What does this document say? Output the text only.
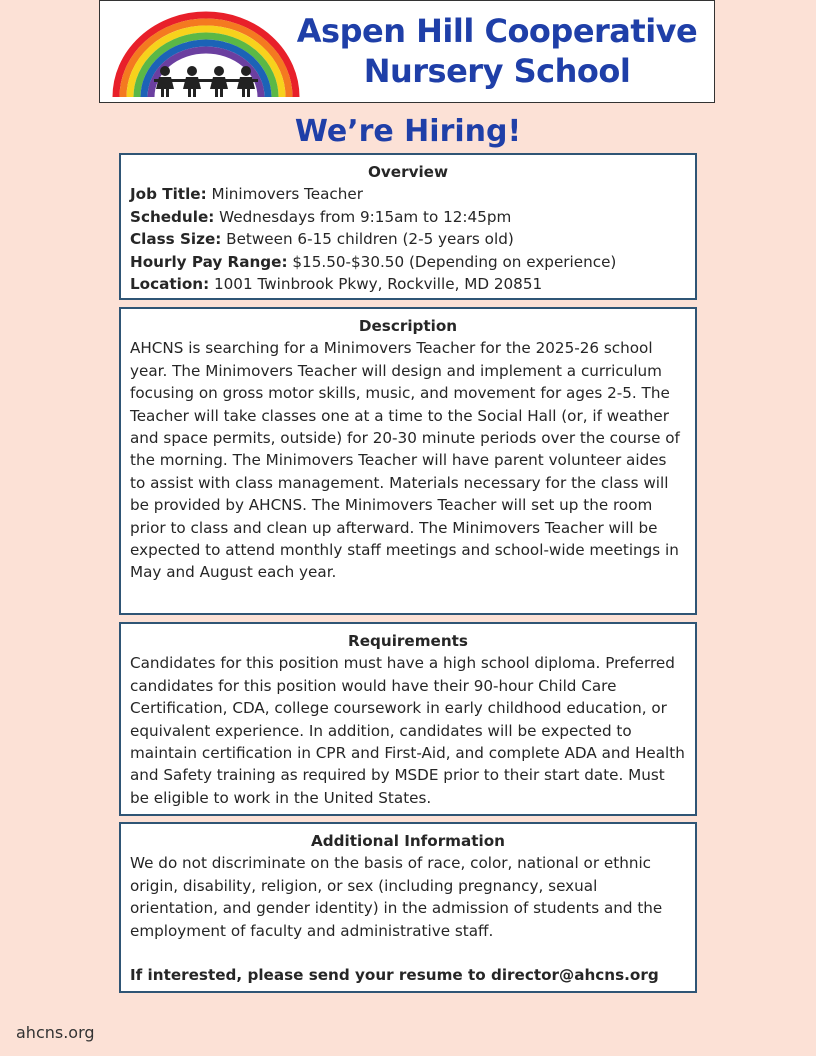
Aspen Hill Cooperative
Nursery School
We’re Hiring!

Overview

Job Title: Minimovers Teacher

Schedule: Wednesdays from 9:15am to 12:45pm

Class Size: Between 6-15 children (2-5 years old)

Hourly Pay Range: $15.50-$30.50 (Depending on experience)

Location: 1001 Twinbrook Pkwy, Rockville, MD 20851

Description

AHCNS is searching for a Minimovers Teacher for the 2025-26 school year. The Minimovers Teacher will design and implement a curriculum focusing on gross motor skills, music, and movement for ages 2-5. The Teacher will take classes one at a time to the Social Hall (or, if weather and space permits, outside) for 20-30 minute periods over the course of the morning. The Minimovers Teacher will have parent volunteer aides to assist with class management. Materials necessary for the class will be provided by AHCNS. The Minimovers Teacher will set up the room prior to class and clean up afterward. The Minimovers Teacher will be expected to attend monthly staff meetings and school-wide meetings in May and August each year.

Requirements

Candidates for this position must have a high school diploma. Preferred candidates for this position would have their 90-hour Child Care Certification, CDA, college coursework in early childhood education, or equivalent experience. In addition, candidates will be expected to maintain certification in CPR and First-Aid, and complete ADA and Health and Safety training as required by MSDE prior to their start date. Must be eligible to work in the United States.

Additional Information

We do not discriminate on the basis of race, color, national or ethnic origin, disability, religion, or sex (including pregnancy, sexual orientation, and gender identity) in the admission of students and the employment of faculty and administrative staff.

If interested, please send your resume to director@ahcns.org

ahcns.org
